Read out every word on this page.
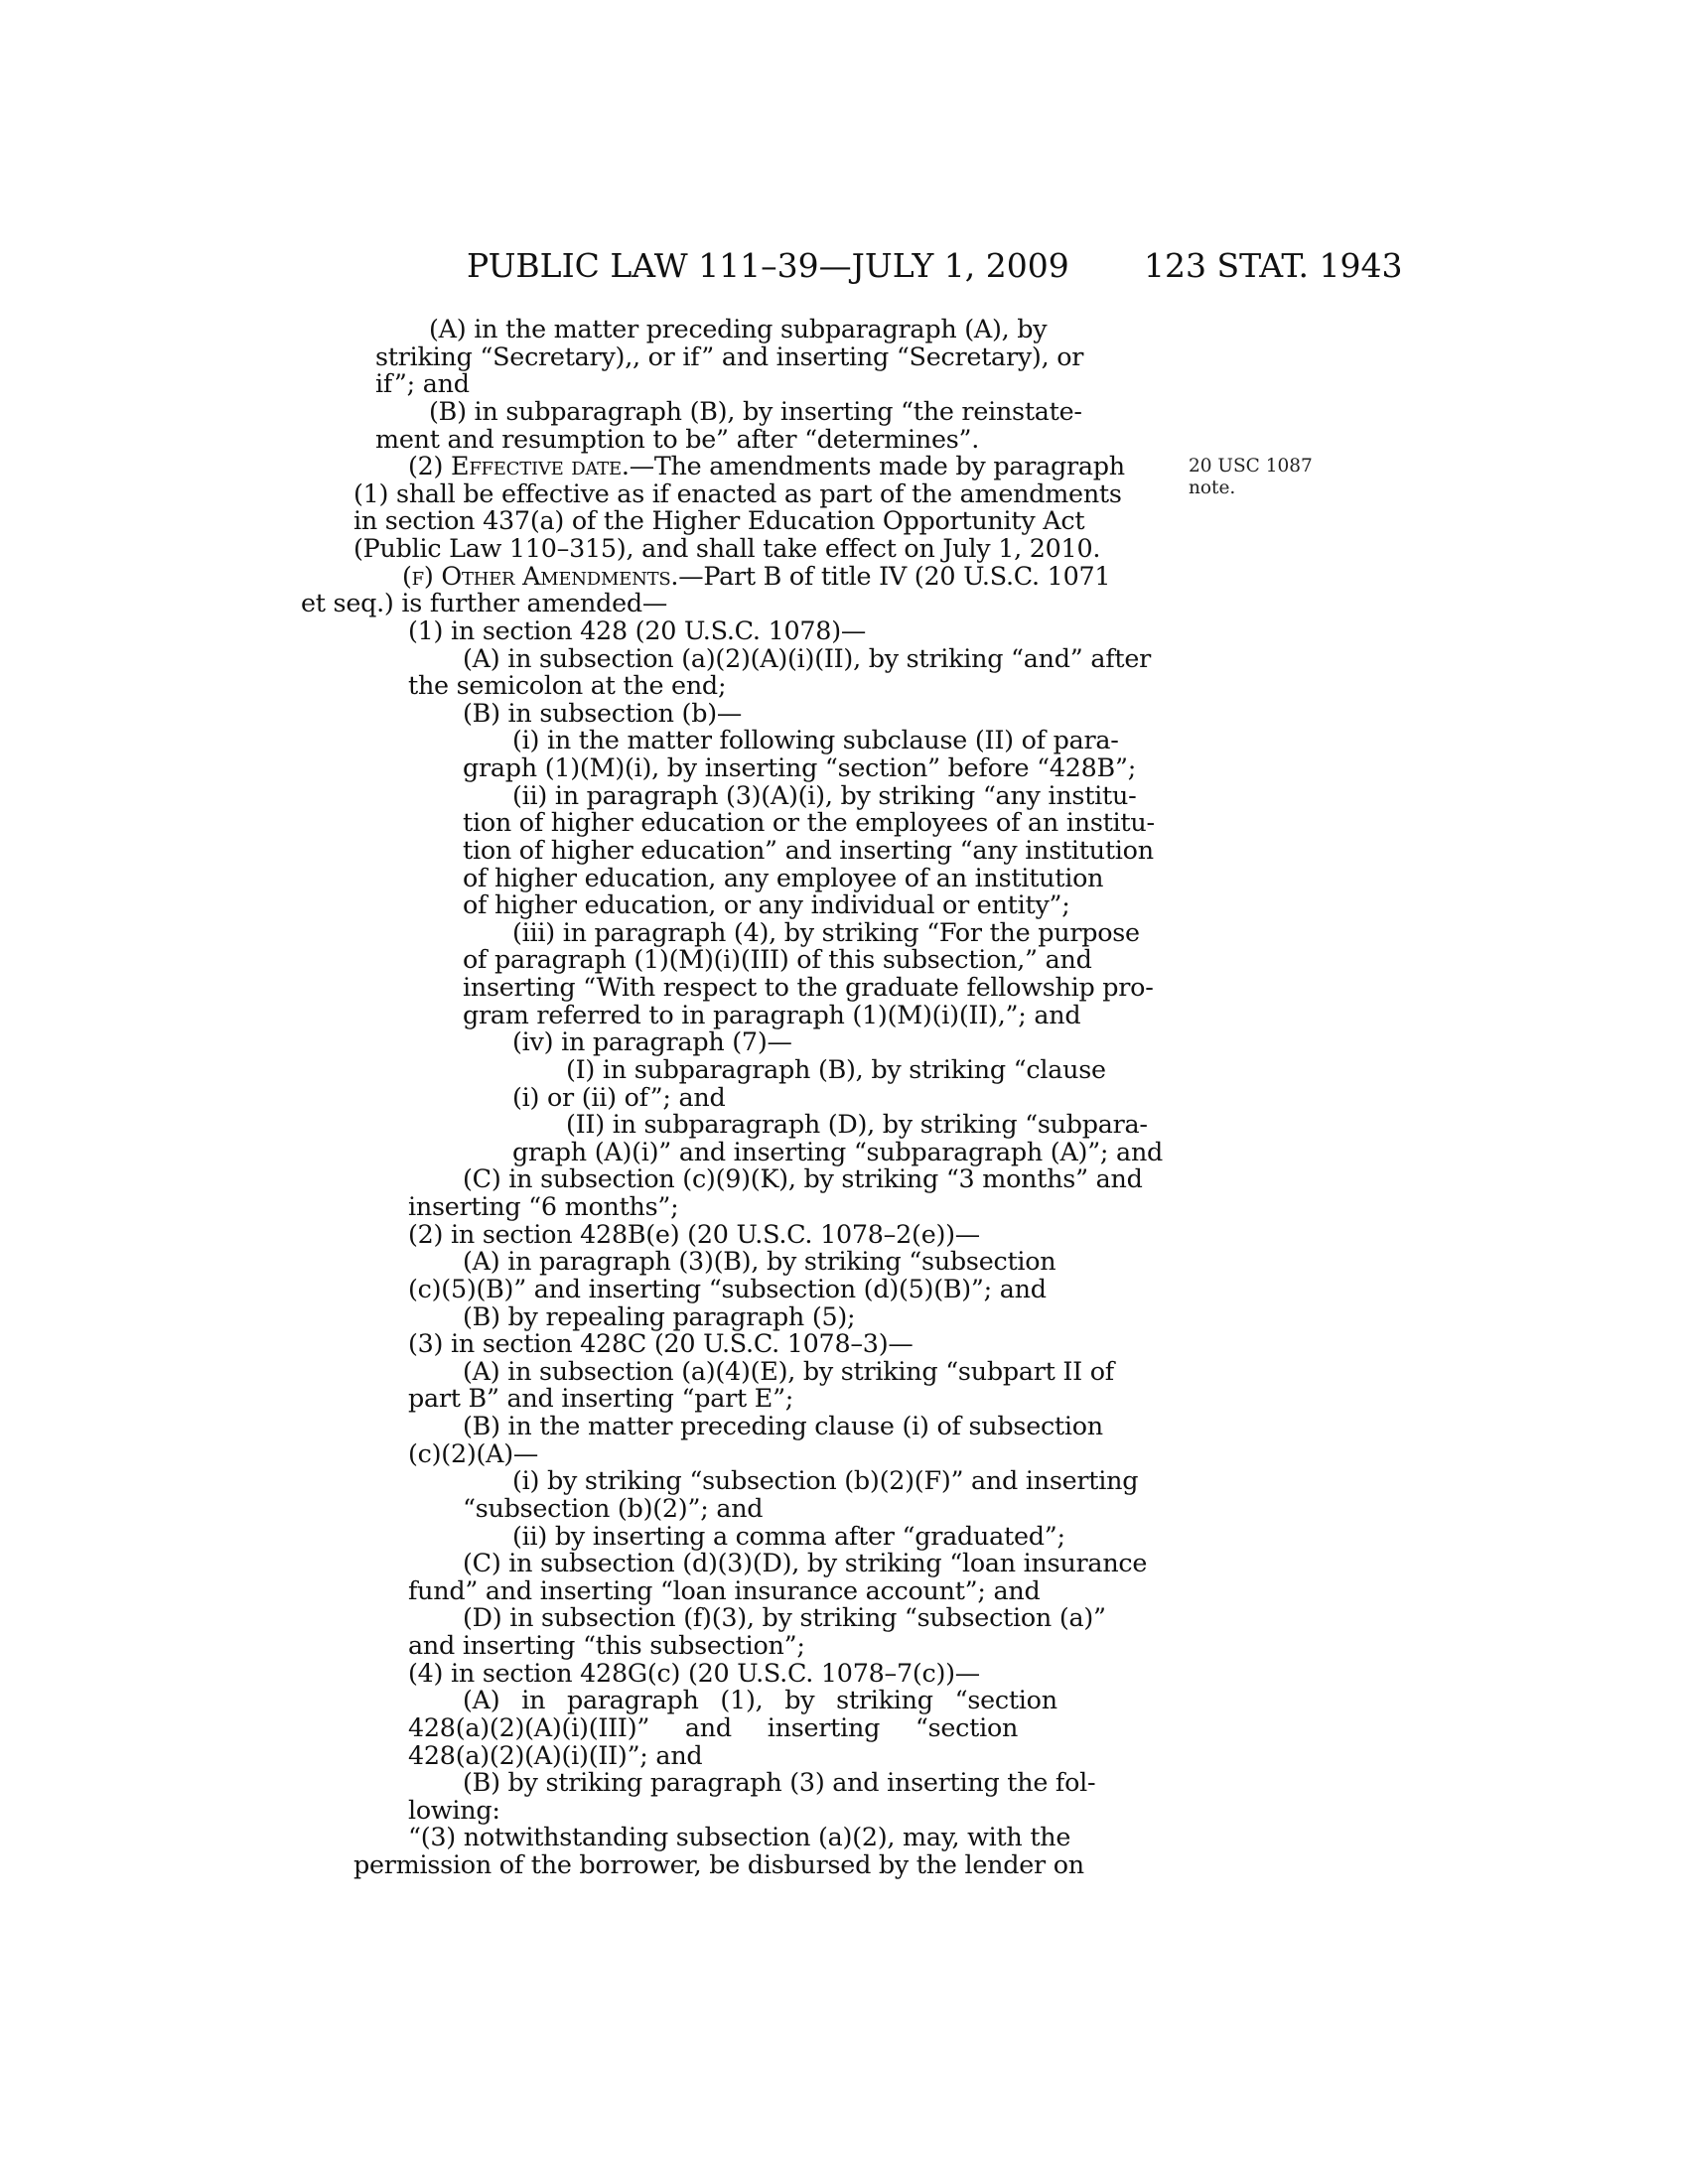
PUBLIC LAW 111–39—JULY 1, 2009 123 STAT. 1943
20 USC 1087
note.

(A) in the matter preceding subparagraph (A), by

striking “Secretary),, or if” and inserting “Secretary), or

if”; and

(B) in subparagraph (B), by inserting “the reinstate-

ment and resumption to be” after “determines”.

(2) Effective date.—The amendments made by paragraph

(1) shall be effective as if enacted as part of the amendments

in section 437(a) of the Higher Education Opportunity Act

(Public Law 110–315), and shall take effect on July 1, 2010.

(f) Other Amendments.—Part B of title IV (20 U.S.C. 1071

et seq.) is further amended—

(1) in section 428 (20 U.S.C. 1078)—

(A) in subsection (a)(2)(A)(i)(II), by striking “and” after

the semicolon at the end;

(B) in subsection (b)—

(i) in the matter following subclause (II) of para-

graph (1)(M)(i), by inserting “section” before “428B”;

(ii) in paragraph (3)(A)(i), by striking “any institu-

tion of higher education or the employees of an institu-

tion of higher education” and inserting “any institution

of higher education, any employee of an institution

of higher education, or any individual or entity”;

(iii) in paragraph (4), by striking “For the purpose

of paragraph (1)(M)(i)(III) of this subsection,” and

inserting “With respect to the graduate fellowship pro-

gram referred to in paragraph (1)(M)(i)(II),”; and

(iv) in paragraph (7)—

(I) in subparagraph (B), by striking “clause

(i) or (ii) of”; and

(II) in subparagraph (D), by striking “subpara-

graph (A)(i)” and inserting “subparagraph (A)”; and

(C) in subsection (c)(9)(K), by striking “3 months” and

inserting “6 months”;

(2) in section 428B(e) (20 U.S.C. 1078–2(e))—

(A) in paragraph (3)(B), by striking “subsection

(c)(5)(B)” and inserting “subsection (d)(5)(B)”; and

(B) by repealing paragraph (5);

(3) in section 428C (20 U.S.C. 1078–3)—

(A) in subsection (a)(4)(E), by striking “subpart II of

part B” and inserting “part E”;

(B) in the matter preceding clause (i) of subsection

(c)(2)(A)—

(i) by striking “subsection (b)(2)(F)” and inserting

“subsection (b)(2)”; and

(ii) by inserting a comma after “graduated”;

(C) in subsection (d)(3)(D), by striking “loan insurance

fund” and inserting “loan insurance account”; and

(D) in subsection (f)(3), by striking “subsection (a)”

and inserting “this subsection”;

(4) in section 428G(c) (20 U.S.C. 1078–7(c))—

(A) in paragraph (1), by striking “section

428(a)(2)(A)(i)(III)” and inserting “section

428(a)(2)(A)(i)(II)”; and

(B) by striking paragraph (3) and inserting the fol-

lowing:

“(3) notwithstanding subsection (a)(2), may, with the

permission of the borrower, be disbursed by the lender on
